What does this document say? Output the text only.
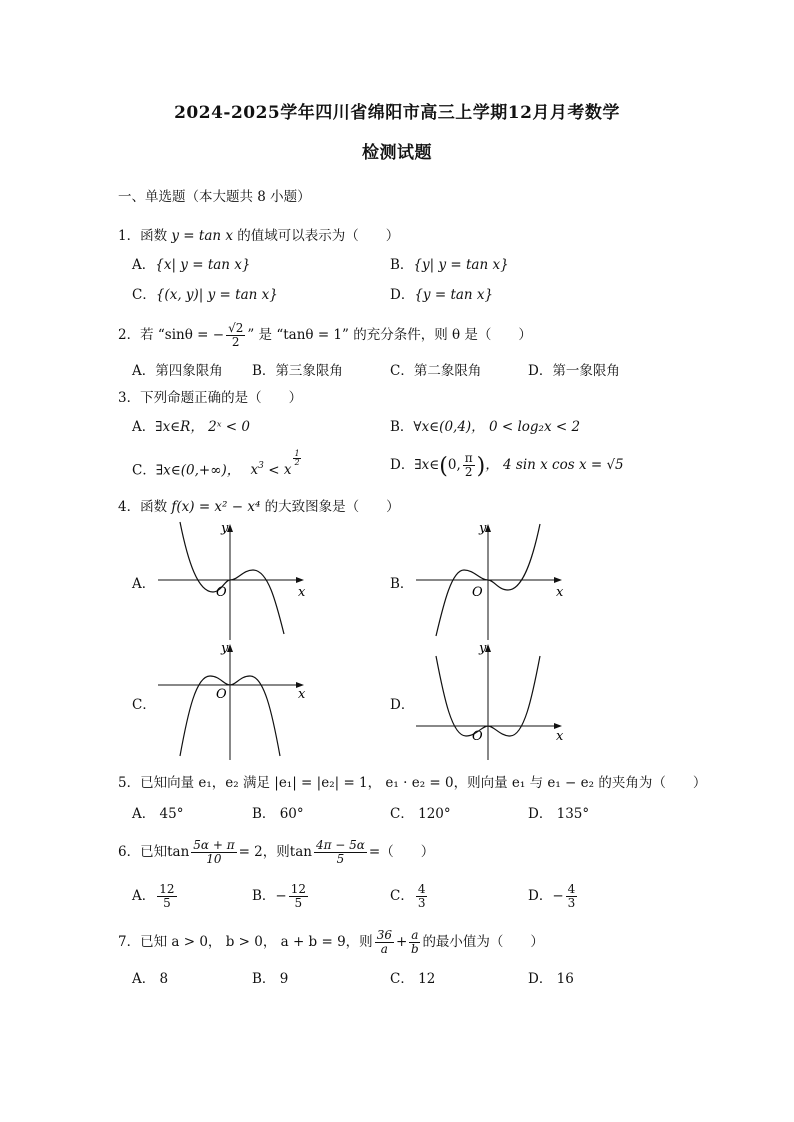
2024-2025学年四川省绵阳市高三上学期12月月考数学
检测试题
一、单选题（本大题共 8 小题）
1．函数 y = tan x 的值域可以表示为（　　）
A．{x| y = tan x}	B．{y| y = tan x}
C．{(x, y)| y = tan x}	D．{y = tan x}
2．若 “sinθ = − $\frac{√2}{2}$ ” 是 “tanθ = 1” 的充分条件，则 θ 是（　　）
A．第四象限角 B．第三象限角	C．第二象限角	D．第一象限角
3．下列命题正确的是（　　）
A．∃x∈R， 2ˣ < 0	B．∀x∈(0,4)， 0 < log₂x < 2
C．∃x∈(0,+∞)， $x^3 < x$
$\frac{1}{2}$	D．∃x∈(0, $\frac{\pi}{2}$ )， 4 sin x cos x = √5
4．函数 f(x) = x² − x⁴ 的大致图象是（　　）
A．	B．
C．	D．
y
x
O
y
x
O
y
x
O
y
x
O
5．已知向量 e₁，e₂ 满足 |e₁| = |e₂| = 1， e₁ · e₂ = 0，则向量 e₁ 与 e₁ − e₂ 的夹角为（　　）
A． 45°	B． 60°	C． 120°	D． 135°
6．已知$\tan \frac{5\alpha + \pi}{10} = 2$，则$\tan \frac{4\pi - 5\alpha}{5}$ =（　　）
A． $\frac{12}{5}$	B．− $\frac{12}{5}$	C． $\frac{4}{3}$	D．− $\frac{4}{3}$
7．已知 a > 0， b > 0， a + b = 9，则 $\frac{36}{a} + \frac{a}{b}$ 的最小值为（　　）
A． 8	B． 9	C． 12	D． 16
